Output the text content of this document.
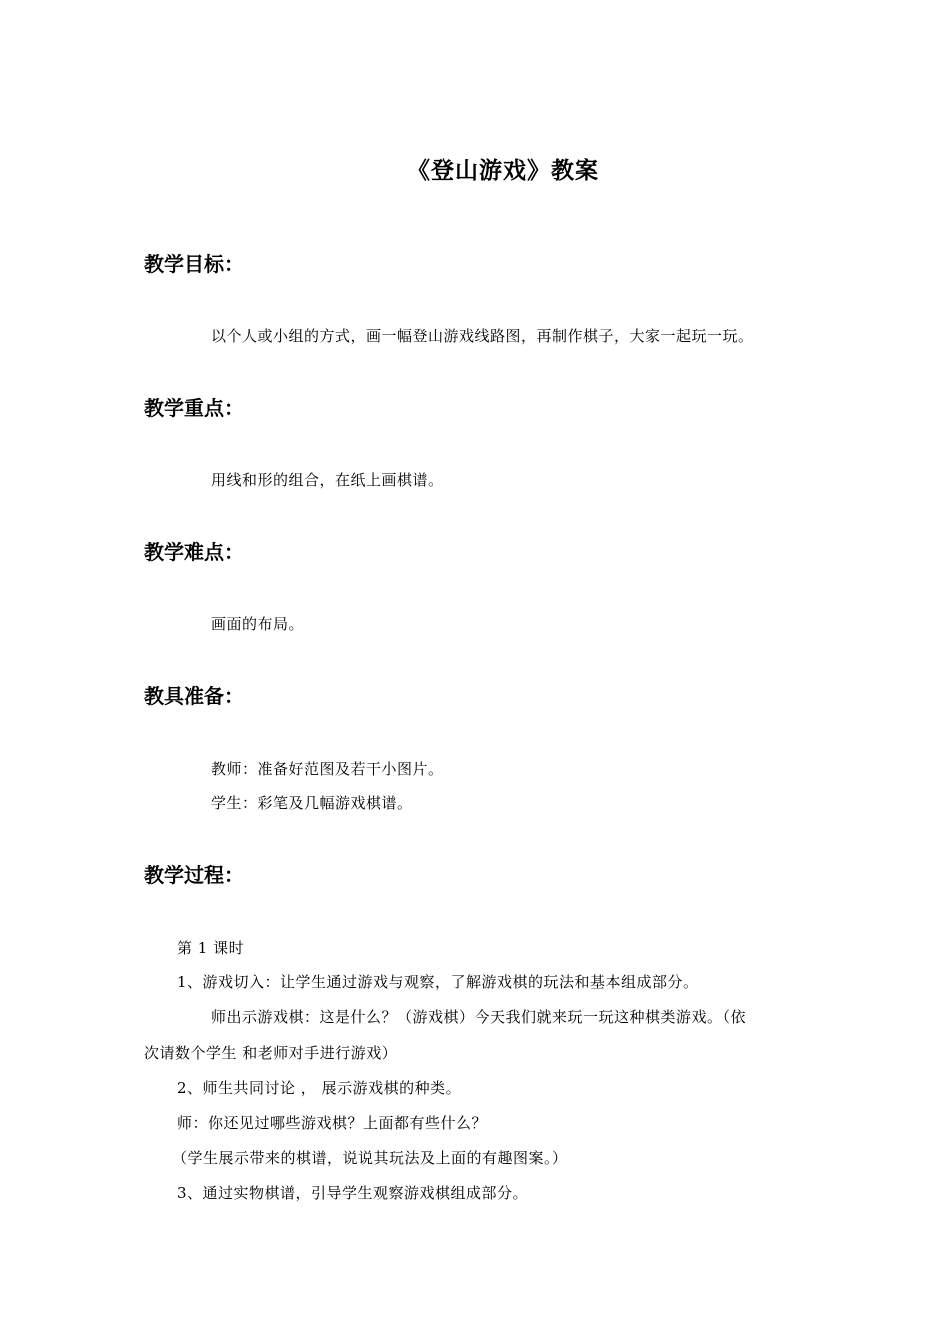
《登山游戏》教案
教学目标：
以个人或小组的方式，画一幅登山游戏线路图，再制作棋子，大家一起玩一玩。
教学重点：
用线和形的组合，在纸上画棋谱。
教学难点：
画面的布局。
教具准备：
教师：准备好范图及若干小图片。
学生：彩笔及几幅游戏棋谱。
教学过程：
第 1 课时
1、游戏切入：让学生通过游戏与观察，了解游戏棋的玩法和基本组成部分。
师出示游戏棋：这是什么？（游戏棋）今天我们就来玩一玩这种棋类游戏。（依
次请数个学生 和老师对手进行游戏）
2、师生共同讨论 ， 展示游戏棋的种类。
师：你还见过哪些游戏棋？上面都有些什么？
（学生展示带来的棋谱，说说其玩法及上面的有趣图案。）
3、通过实物棋谱，引导学生观察游戏棋组成部分。
